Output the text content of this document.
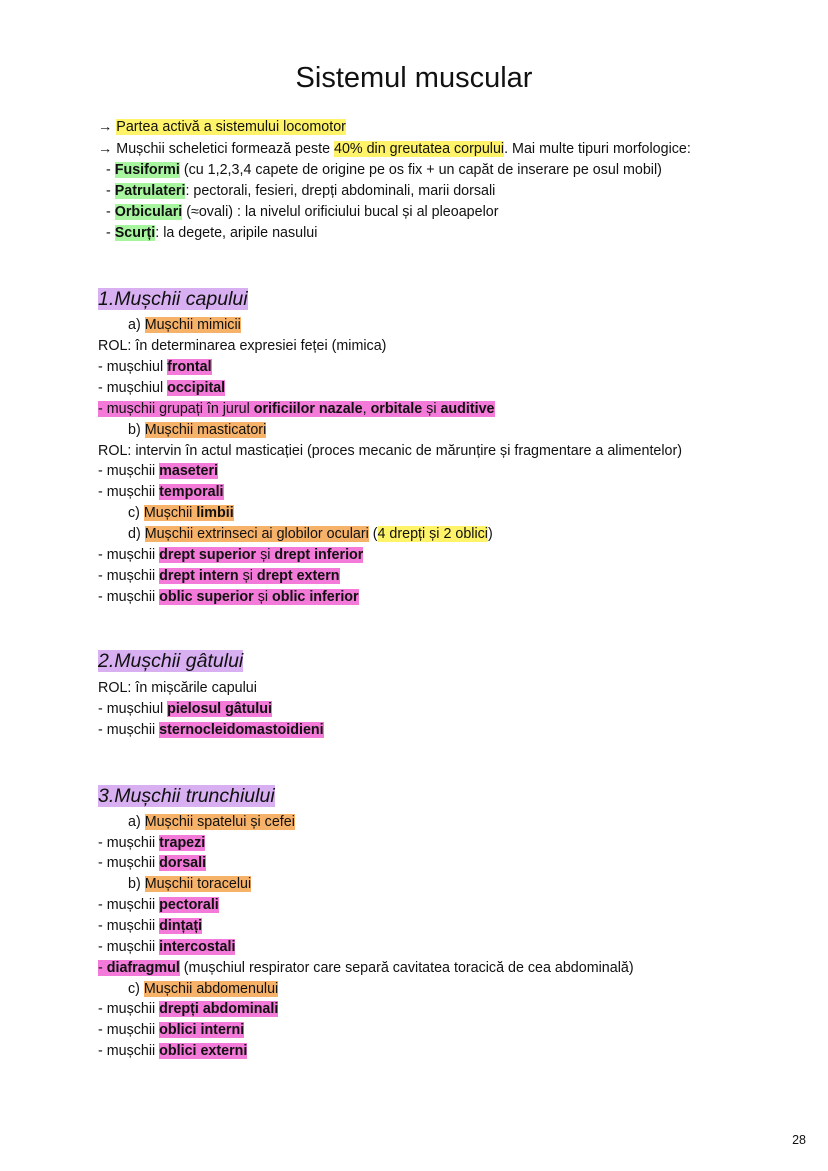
Sistemul muscular
→ Partea activă a sistemului locomotor
→ Mușchii scheletici formează peste 40% din greutatea corpului. Mai multe tipuri morfologice:
- Fusiformi (cu 1,2,3,4 capete de origine pe os fix + un capăt de inserare pe osul mobil)
- Patrulateri: pectorali, fesieri, drepți abdominali, marii dorsali
- Orbiculari (≈ovali) : la nivelul orificiului bucal și al pleoapelor
- Scurți: la degete, aripile nasului
1.Mușchii capului
a) Mușchii mimicii
ROL: în determinarea expresiei feței (mimica)
- mușchiul frontal
- mușchiul occipital
- mușchii grupați în jurul orificiilor nazale, orbitale și auditive
b) Mușchii masticatori
ROL: intervin în actul masticației (proces mecanic de mărunțire și fragmentare a alimentelor)
- mușchii maseteri
- mușchii temporali
c) Mușchii limbii
d) Mușchii extrinseci ai globilor oculari (4 drepți și 2 oblici)
- mușchii drept superior și drept inferior
- mușchii drept intern și drept extern
- mușchii oblic superior și oblic inferior
2.Mușchii gâtului
ROL: în mișcările capului
- mușchiul pielosul gâtului
- mușchii sternocleidomastoidieni
3.Mușchii trunchiului
a) Mușchii spatelui și cefei
- mușchii trapezi
- mușchii dorsali
b) Mușchii toracelui
- mușchii pectorali
- mușchii dințați
- mușchii intercostali
- diafragmul (mușchiul respirator care separă cavitatea toracică de cea abdominală)
c) Mușchii abdomenului
- mușchii drepți abdominali
- mușchii oblici interni
- mușchii oblici externi
28
